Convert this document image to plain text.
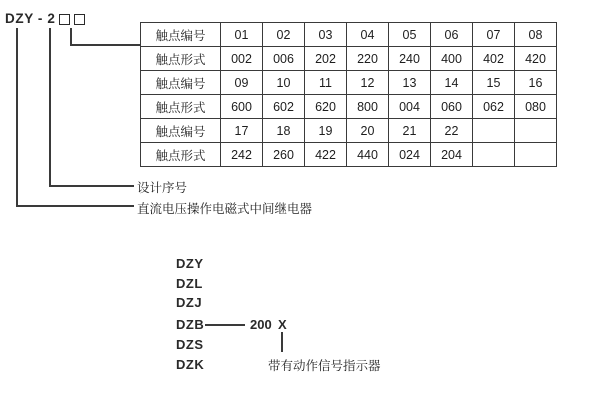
DZY - 2
触点编号	01	02	03	04	05	06	07	08
触点形式	002	006	202	220	240	400	402	420
触点编号	09	10	11	12	13	14	15	16
触点形式	600	602	620	800	004	060	062	080
触点编号	17	18	19	20	21	22		
触点形式	242	260	422	440	024	204		
设计序号
直流电压操作电磁式中间继电器
DZY
DZL
DZJ
DZB
DZS
DZK
200 X
带有动作信号指示器
